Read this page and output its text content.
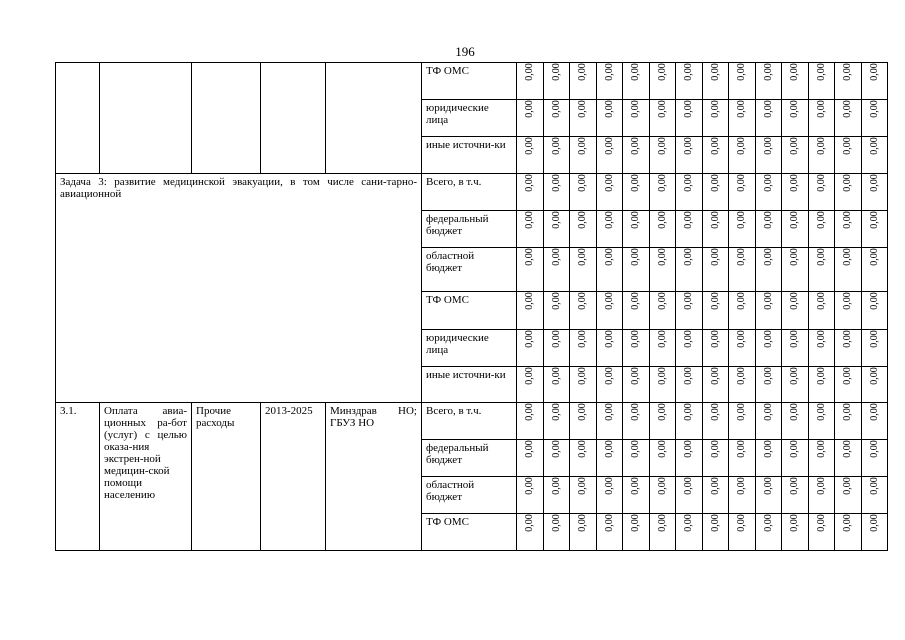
196
					ТФ ОМС	0,00	0,00	0,00	0,00	0,00	0,00	0,00	0,00	0,00	0,00	0,00	0,00	0,00	0,00
					юридические лица	0,00	0,00	0,00	0,00	0,00	0,00	0,00	0,00	0,00	0,00	0,00	0,00	0,00	0,00
					иные источни-ки	0,00	0,00	0,00	0,00	0,00	0,00	0,00	0,00	0,00	0,00	0,00	0,00	0,00	0,00
Задача 3: развитие медицинской эвакуации, в том числе сани-тарно-авиационной					Всего, в т.ч.	0,00	0,00	0,00	0,00	0,00	0,00	0,00	0,00	0,00	0,00	0,00	0,00	0,00	0,00
					федеральный бюджет	0,00	0,00	0,00	0,00	0,00	0,00	0,00	0,00	0,00	0,00	0,00	0,00	0,00	0,00
					областной бюджет	0,00	0,00	0,00	0,00	0,00	0,00	0,00	0,00	0,00	0,00	0,00	0,00	0,00	0,00
					ТФ ОМС	0,00	0,00	0,00	0,00	0,00	0,00	0,00	0,00	0,00	0,00	0,00	0,00	0,00	0,00
					юридические лица	0,00	0,00	0,00	0,00	0,00	0,00	0,00	0,00	0,00	0,00	0,00	0,00	0,00	0,00
					иные источни-ки	0,00	0,00	0,00	0,00	0,00	0,00	0,00	0,00	0,00	0,00	0,00	0,00	0,00	0,00
3.1.	Оплата авиа-ционных ра-бот (услуг) с целью оказа-ния экстрен-ной медицин-ской помощи населению	Прочие расходы	2013-2025	Минздрав НО; ГБУЗ НО	Всего, в т.ч.	0,00	0,00	0,00	0,00	0,00	0,00	0,00	0,00	0,00	0,00	0,00	0,00	0,00	0,00
					федеральный бюджет	0,00	0,00	0,00	0,00	0,00	0,00	0,00	0,00	0,00	0,00	0,00	0,00	0,00	0,00
					областной бюджет	0,00	0,00	0,00	0,00	0,00	0,00	0,00	0,00	0,00	0,00	0,00	0,00	0,00	0,00
					ТФ ОМС	0,00	0,00	0,00	0,00	0,00	0,00	0,00	0,00	0,00	0,00	0,00	0,00	0,00	0,00
